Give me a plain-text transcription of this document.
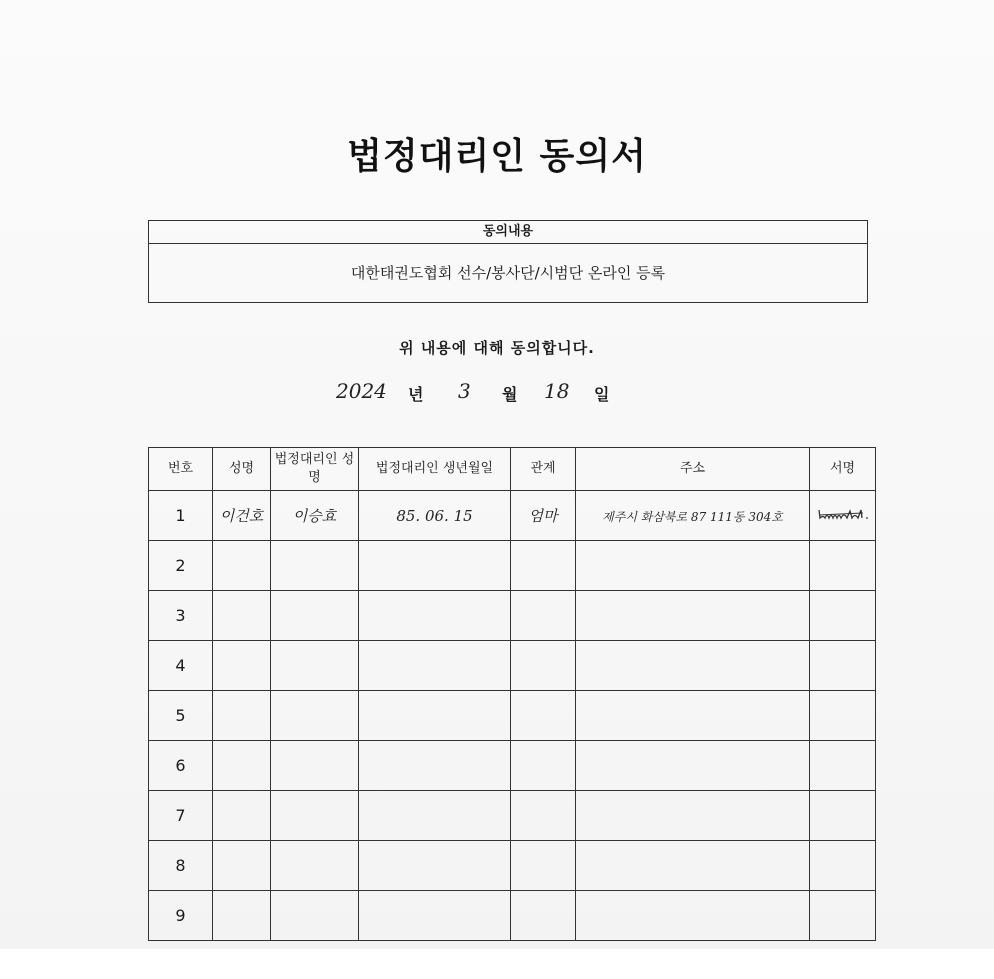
법정대리인 동의서
동의내용
대한태권도협회 선수/봉사단/시범단 온라인 등록
위 내용에 대해 동의합니다.
2024 년 3 월 18 일
번호	성명	법정대리인 성명	법정대리인 생년월일	관계	주소	서명
1	이건호	이승효	85. 06. 15	엄마	제주시 화삼북로 87 111동 304호	

2						
3						
4						
5						
6						
7						
8						
9						
